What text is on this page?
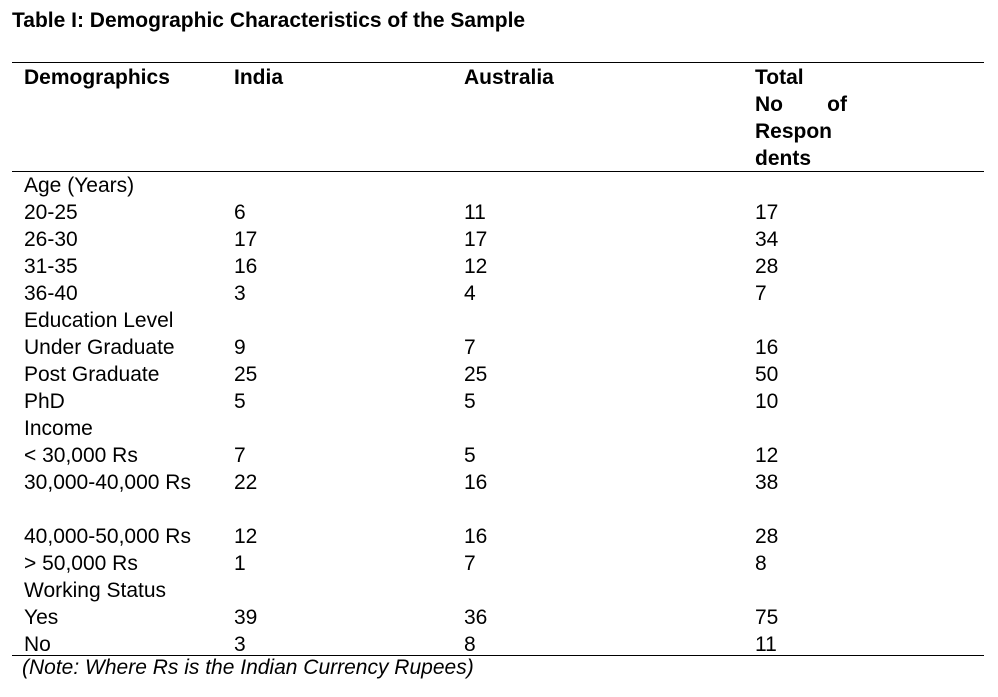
Table I: Demographic Characteristics of the Sample
Demographics	India	Australia	Total
No of
Respon
dents
Age (Years)
20-25	6	11	17
26-30	17	17	34
31-35	16	12	28
36-40	3	4	7
Education Level
Under Graduate	9	7	16
Post Graduate	25	25	50
PhD	5	5	10
Income
< 30,000 Rs	7	5	12
30,000-40,000 Rs 22	16	38
40,000-50,000 Rs 12	16	28
> 50,000 Rs	1	7	8
Working Status
Yes	39	36	75
No	3	8	11
(Note: Where Rs is the Indian Currency Rupees)
